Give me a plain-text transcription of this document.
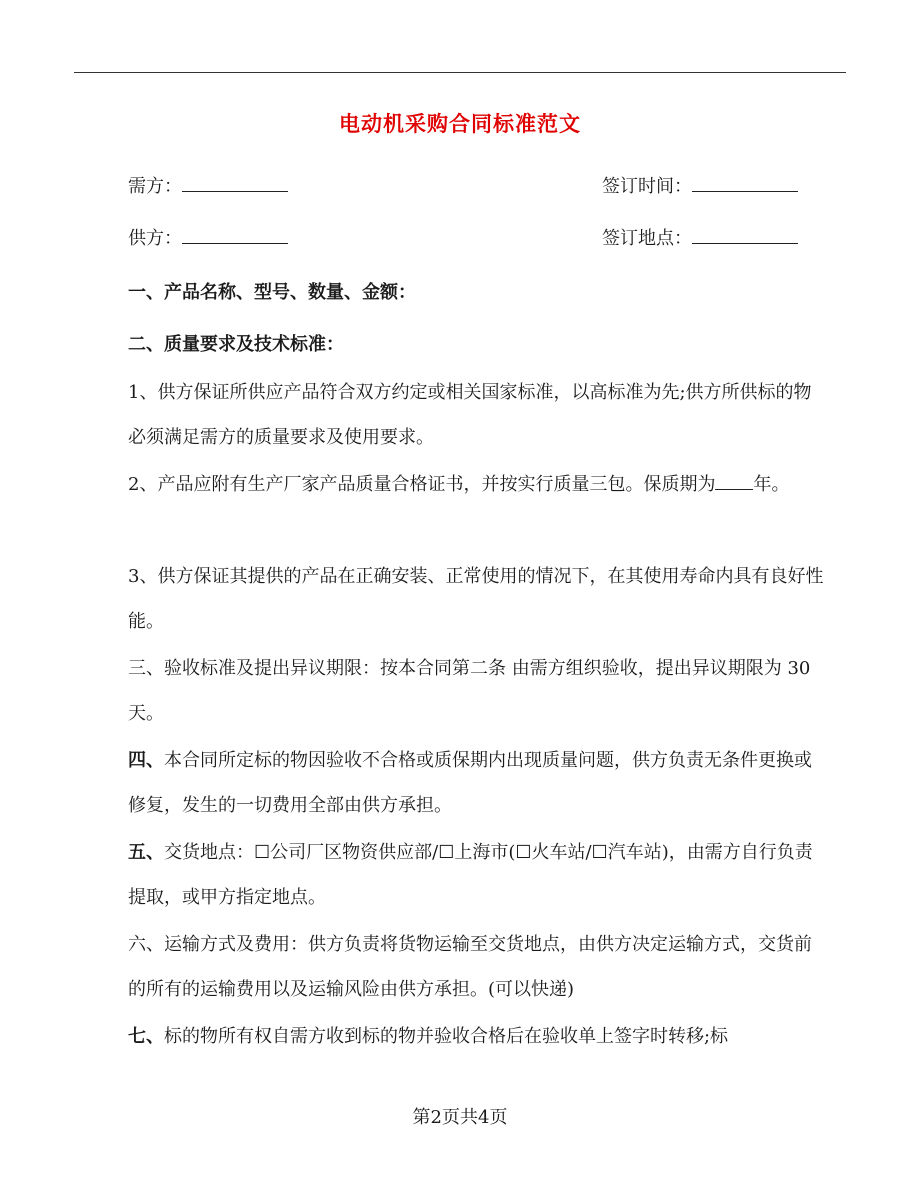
电动机采购合同标准范文
需方：	签订时间：
供方：	签订地点：
一、产品名称、型号、数量、金额：
二、质量要求及技术标准：
1、供方保证所供应产品符合双方约定或相关国家标准，以高标准为先;供方所供标的物必须满足需方的质量要求及使用要求。
2、产品应附有生产厂家产品质量合格证书，并按实行质量三包。保质期为 年。
3、供方保证其提供的产品在正确安装、正常使用的情况下，在其使用寿命内具有良好性能。
三、验收标准及提出异议期限：按本合同第二条 由需方组织验收，提出异议期限为 30 天。
四、本合同所定标的物因验收不合格或质保期内出现质量问题，供方负责无条件更换或修复，发生的一切费用全部由供方承担。
五、交货地点：☐公司厂区物资供应部/☐上海市(☐火车站/☐汽车站)，由需方自行负责提取，或甲方指定地点。
六、运输方式及费用：供方负责将货物运输至交货地点，由供方决定运输方式，交货前的所有的运输费用以及运输风险由供方承担。(可以快递)
七、标的物所有权自需方收到标的物并验收合格后在验收单上签字时转移;标
第2页共4页
